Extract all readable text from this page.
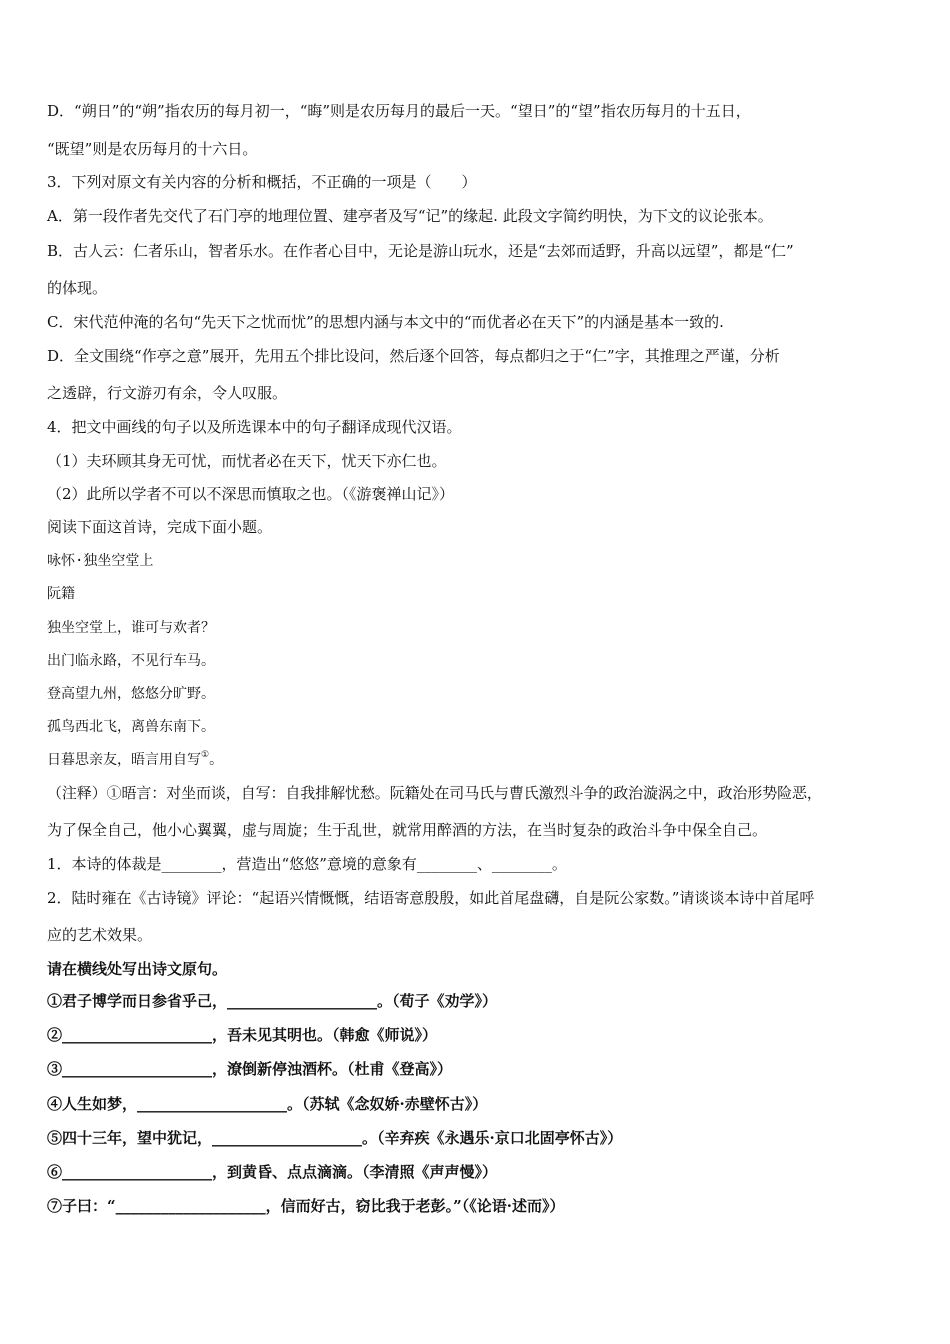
D．“朔日”的“朔”指农历的每月初一，“晦”则是农历每月的最后一天。“望日”的“望”指农历每月的十五日，
“既望”则是农历每月的十六日。
3．下列对原文有关内容的分析和概括，不正确的一项是（　　）
A．第一段作者先交代了石门亭的地理位置、建亭者及写“记”的缘起. 此段文字简约明快，为下文的议论张本。
B．古人云：仁者乐山，智者乐水。在作者心目中，无论是游山玩水，还是“去郊而适野，升高以远望”，都是“仁”
的体现。
C．宋代范仲淹的名句“先天下之忧而忧”的思想内涵与本文中的“而优者必在天下”的内涵是基本一致的.
D．全文围绕“作亭之意”展开，先用五个排比设问，然后逐个回答，每点都归之于“仁”字，其推理之严谨，分析
之透辟，行文游刃有余，令人叹服。
4．把文中画线的句子以及所选课本中的句子翻译成现代汉语。
（1）夫环顾其身无可忧，而忧者必在天下，忧天下亦仁也。
（2）此所以学者不可以不深思而慎取之也。（《游褒禅山记》）
阅读下面这首诗，完成下面小题。
咏怀·独坐空堂上
阮籍
独坐空堂上，谁可与欢者？
出门临永路，不见行车马。
登高望九州，悠悠分旷野。
孤鸟西北飞，离兽东南下。
日暮思亲友，晤言用自写①。
（注释）①晤言：对坐而谈，自写：自我排解忧愁。阮籍处在司马氏与曹氏激烈斗争的政治漩涡之中，政治形势险恶，
为了保全自己，他小心翼翼，虚与周旋；生于乱世，就常用醉酒的方法，在当时复杂的政治斗争中保全自己。
1．本诗的体裁是________，营造出“悠悠”意境的意象有________、________。
2．陆时雍在《古诗镜》评论：“起语兴情慨慨，结语寄意殷殷，如此首尾盘礴，自是阮公家数。”请谈谈本诗中首尾呼
应的艺术效果。
请在横线处写出诗文原句。
①君子博学而日参省乎己，____________________。（荀子《劝学》）
②____________________，吾未见其明也。（韩愈《师说》）
③____________________，潦倒新停浊酒杯。（杜甫《登高》）
④人生如梦，____________________。（苏轼《念奴娇·赤壁怀古》）
⑤四十三年，望中犹记，____________________。（辛弃疾《永遇乐·京口北固亭怀古》）
⑥____________________，到黄昏、点点滴滴。（李清照《声声慢》）
⑦子曰：“____________________，信而好古，窃比我于老彭。”（《论语·述而》）
